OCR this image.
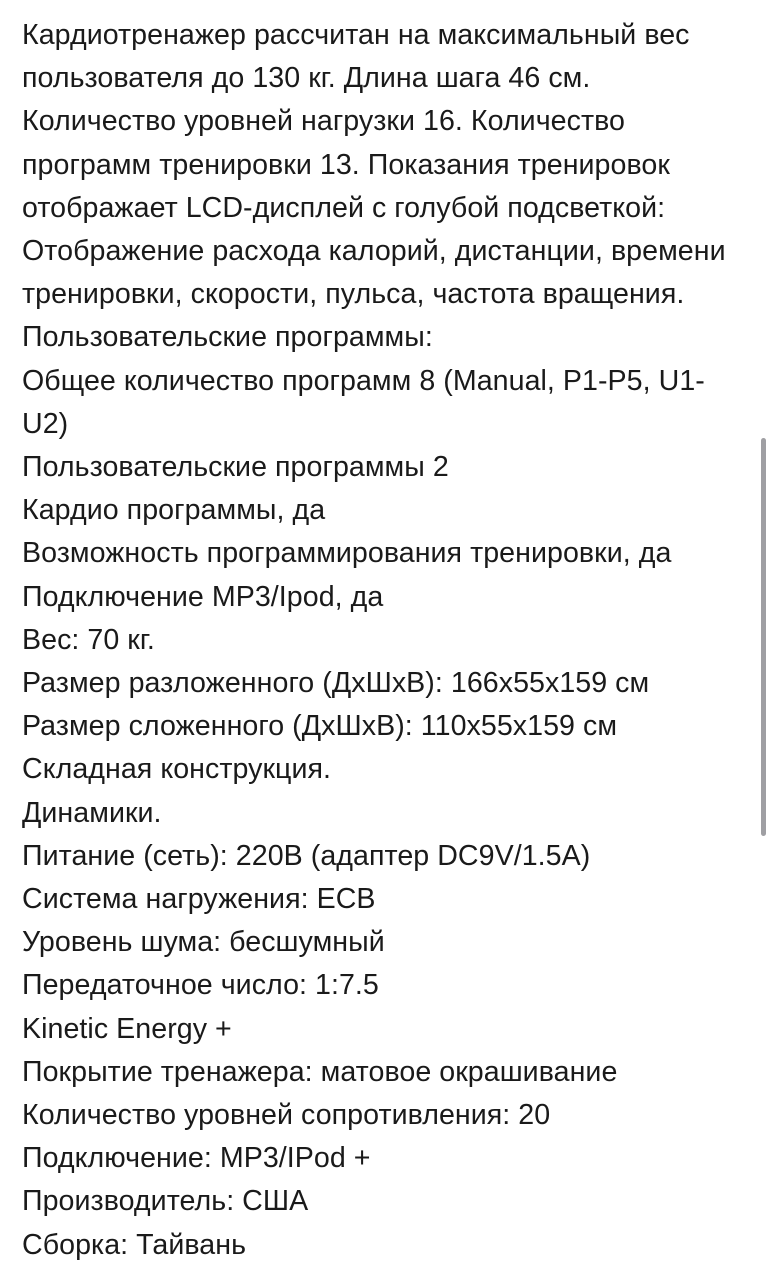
Кардиотренажер рассчитан на максимальный вес
пользователя до 130 кг. Длина шага 46 см.
Количество уровней нагрузки 16. Количество
программ тренировки 13. Показания тренировок
отображает LCD-дисплей с голубой подсветкой:
Отображение расхода калорий, дистанции, времени
тренировки, скорости, пульса, частота вращения.
Пользовательские программы:
Общее количество программ 8 (Manual, P1-P5, U1-
U2)
Пользовательские программы 2
Кардио программы, да
Возможность программирования тренировки, да
Подключение MP3/Ipod, да
Вес: 70 кг.
Размер разложенного (ДхШхВ): 166х55х159 см
Размер сложенного (ДхШхВ): 110х55х159 см
Складная конструкция.
Динамики.
Питание (сеть): 220В (адаптер DC9V/1.5A)
Система нагружения: ECB
Уровень шума: бесшумный
Передаточное число: 1:7.5
Kinetic Energy +
Покрытие тренажера: матовое окрашивание
Количество уровней сопротивления: 20
Подключение: MP3/IPod +
Производитель: США
Сборка: Тайвань
